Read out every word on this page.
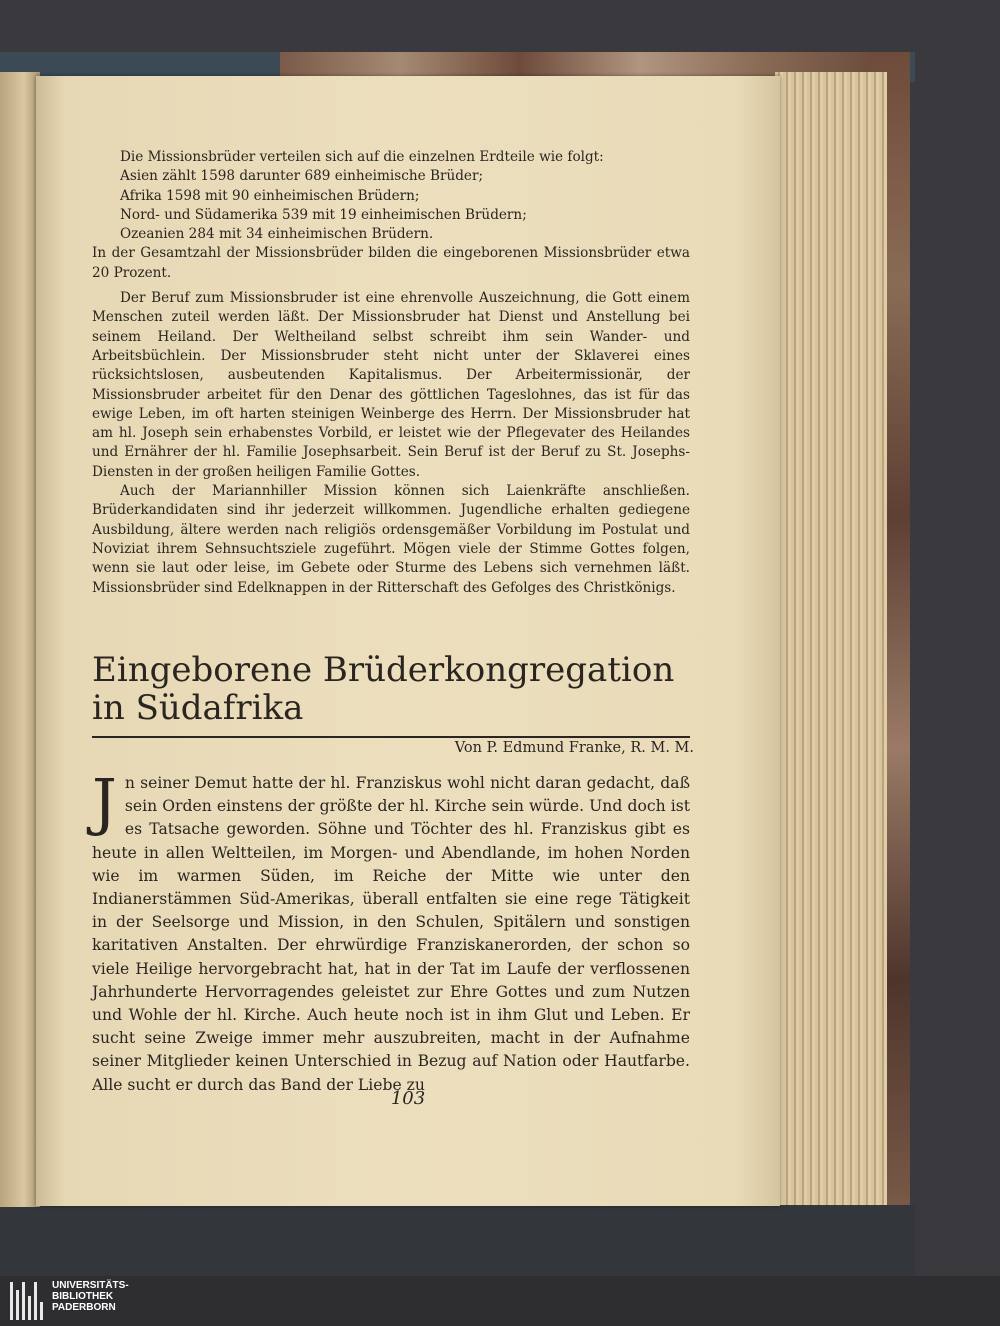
Die Missionsbrüder verteilen sich auf die einzelnen Erdteile wie folgt:

Asien zählt 1598 darunter 689 einheimische Brüder;

Afrika 1598 mit 90 einheimischen Brüdern;

Nord- und Südamerika 539 mit 19 einheimischen Brüdern;

Ozeanien 284 mit 34 einheimischen Brüdern.

In der Gesamtzahl der Missionsbrüder bilden die eingeborenen Missionsbrüder etwa 20 Prozent.

Der Beruf zum Missionsbruder ist eine ehrenvolle Auszeichnung, die Gott einem Menschen zuteil werden läßt. Der Missionsbruder hat Dienst und Anstellung bei seinem Heiland. Der Weltheiland selbst schreibt ihm sein Wander- und Arbeitsbüchlein. Der Missionsbruder steht nicht unter der Sklaverei eines rücksichtslosen, ausbeutenden Kapitalismus. Der Arbeitermissionär, der Missionsbruder arbeitet für den Denar des göttlichen Tageslohnes, das ist für das ewige Leben, im oft harten steinigen Weinberge des Herrn. Der Missionsbruder hat am hl. Joseph sein erhabenstes Vorbild, er leistet wie der Pflegevater des Heilandes und Ernährer der hl. Familie Josephsarbeit. Sein Beruf ist der Beruf zu St. Josephs-Diensten in der großen heiligen Familie Gottes.

Auch der Mariannhiller Mission können sich Laienkräfte anschließen. Brüderkandidaten sind ihr jederzeit willkommen. Jugendliche erhalten gediegene Ausbildung, ältere werden nach religiös ordensgemäßer Vorbildung im Postulat und Noviziat ihrem Sehnsuchtsziele zugeführt. Mögen viele der Stimme Gottes folgen, wenn sie laut oder leise, im Gebete oder Sturme des Lebens sich vernehmen läßt. Missionsbrüder sind Edelknappen in der Ritterschaft des Gefolges des Christkönigs.

Eingeborene Brüderkongregation in Südafrika
Von P. Edmund Franke, R. M. M.

Jn seiner Demut hatte der hl. Franziskus wohl nicht daran gedacht, daß sein Orden einstens der größte der hl. Kirche sein würde. Und doch ist es Tatsache geworden. Söhne und Töchter des hl. Franziskus gibt es heute in allen Weltteilen, im Morgen- und Abendlande, im hohen Norden wie im warmen Süden, im Reiche der Mitte wie unter den Indianerstämmen Süd-Amerikas, überall entfalten sie eine rege Tätigkeit in der Seelsorge und Mission, in den Schulen, Spitälern und sonstigen karitativen Anstalten. Der ehrwürdige Franziskanerorden, der schon so viele Heilige hervorgebracht hat, hat in der Tat im Laufe der verflossenen Jahrhunderte Hervorragendes geleistet zur Ehre Gottes und zum Nutzen und Wohle der hl. Kirche. Auch heute noch ist in ihm Glut und Leben. Er sucht seine Zweige immer mehr auszubreiten, macht in der Aufnahme seiner Mitglieder keinen Unterschied in Bezug auf Nation oder Hautfarbe. Alle sucht er durch das Band der Liebe zu

103
UNIVERSITÄTS-
BIBLIOTHEK
PADERBORN
